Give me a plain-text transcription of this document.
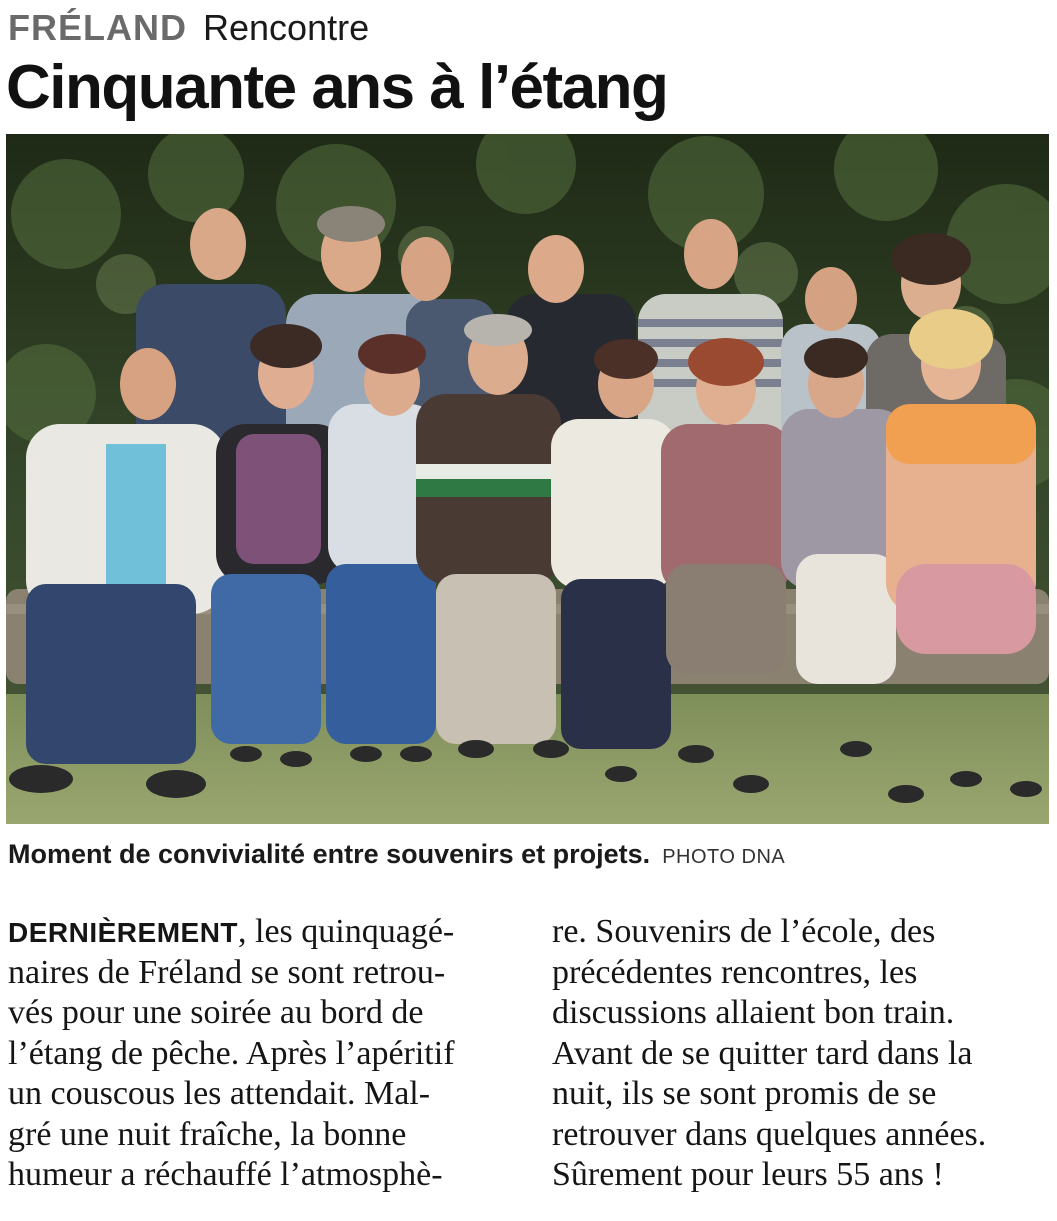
FRÉLAND Rencontre
Cinquante ans à l’étang
Moment de convivialité entre souvenirs et projets. PHOTO DNA
DERNIÈREMENT, les quinquagé-
naires de Fréland se sont retrou-
vés pour une soirée au bord de
l’étang de pêche. Après l’apéritif
un couscous les attendait. Mal-
gré une nuit fraîche, la bonne
humeur a réchauffé l’atmosphè-
re. Souvenirs de l’école, des
précédentes rencontres, les
discussions allaient bon train.
Avant de se quitter tard dans la
nuit, ils se sont promis de se
retrouver dans quelques années.
Sûrement pour leurs 55 ans !
